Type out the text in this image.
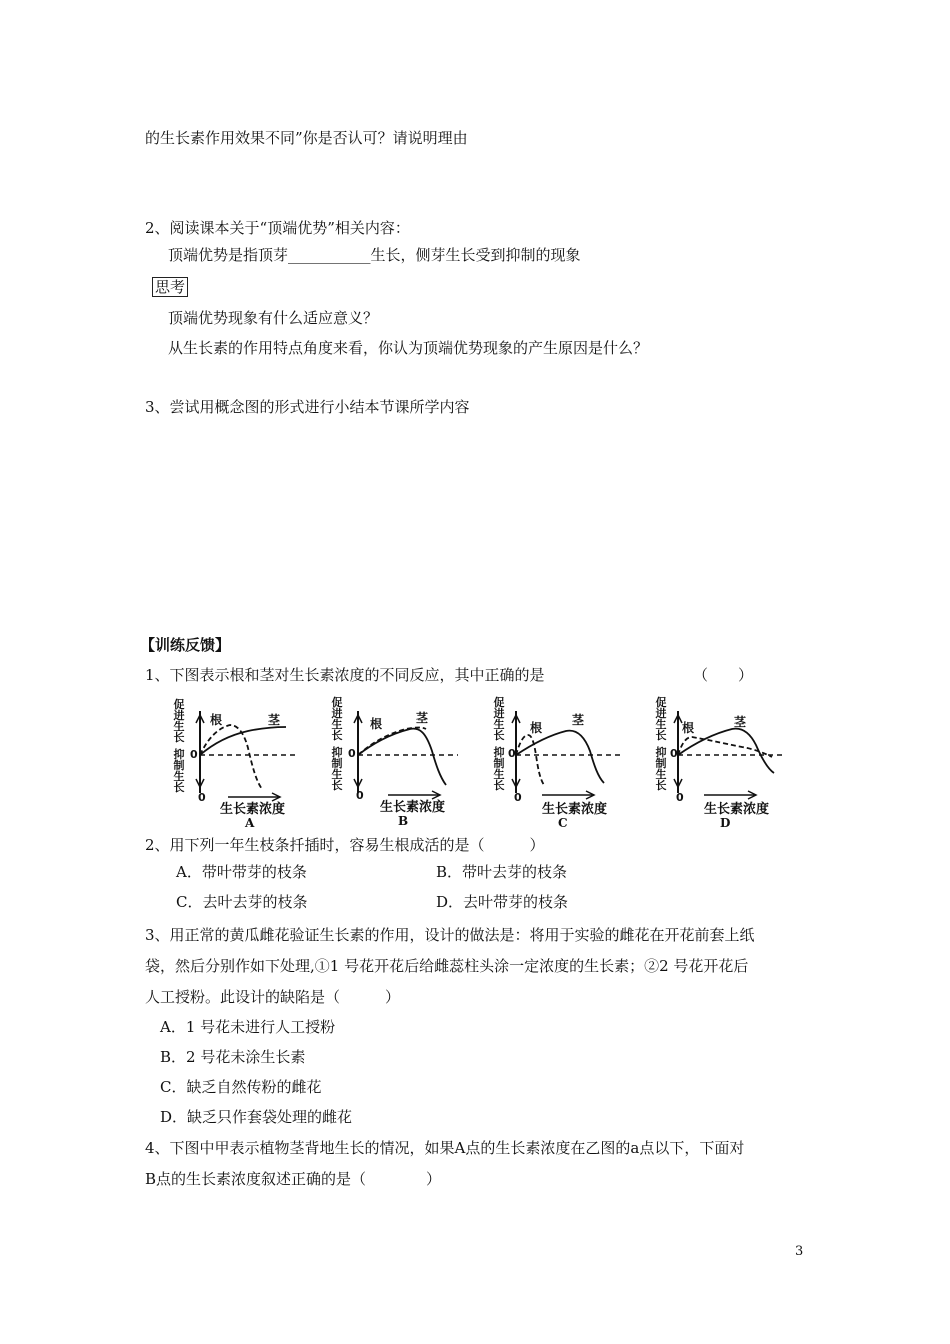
的生长素作用效果不同”你是否认可？请说明理由
2、阅读课本关于“顶端优势”相关内容：
顶端优势是指顶芽___________生长，侧芽生长受到抑制的现象
思考
顶端优势现象有什么适应意义？
从生长素的作用特点角度来看，你认为顶端优势现象的产生原因是什么？
3、尝试用概念图的形式进行小结本节课所学内容
【训练反馈】
1、下图表示根和茎对生长素浓度的不同反应，其中正确的是	（　　）
促
进
生
长
抑
制
生
长
0
0
根	茎
生长素浓度
A
促
进
生
长
抑
制
生
长
0
0
根	茎
生长素浓度
B
促
进
生
长
抑
制
生
长
0
0
根
茎
生长素浓度
C
促
进
生
长
抑
制
生
长
0
0
根	茎
生长素浓度
D
2、用下列一年生枝条扦插时，容易生根成活的是（　　　）
A．带叶带芽的枝条	B．带叶去芽的枝条
C．去叶去芽的枝条	D．去叶带芽的枝条
3、用正常的黄瓜雌花验证生长素的作用，设计的做法是：将用于实验的雌花在开花前套上纸
袋，然后分别作如下处理,①1 号花开花后给雌蕊柱头涂一定浓度的生长素；②2 号花开花后
人工授粉。此设计的缺陷是（　　　）
A．1 号花未进行人工授粉
B．2 号花未涂生长素
C．缺乏自然传粉的雌花
D．缺乏只作套袋处理的雌花
4、下图中甲表示植物茎背地生长的情况，如果A点的生长素浓度在乙图的a点以下，下面对
B点的生长素浓度叙述正确的是（　　　　）
3
